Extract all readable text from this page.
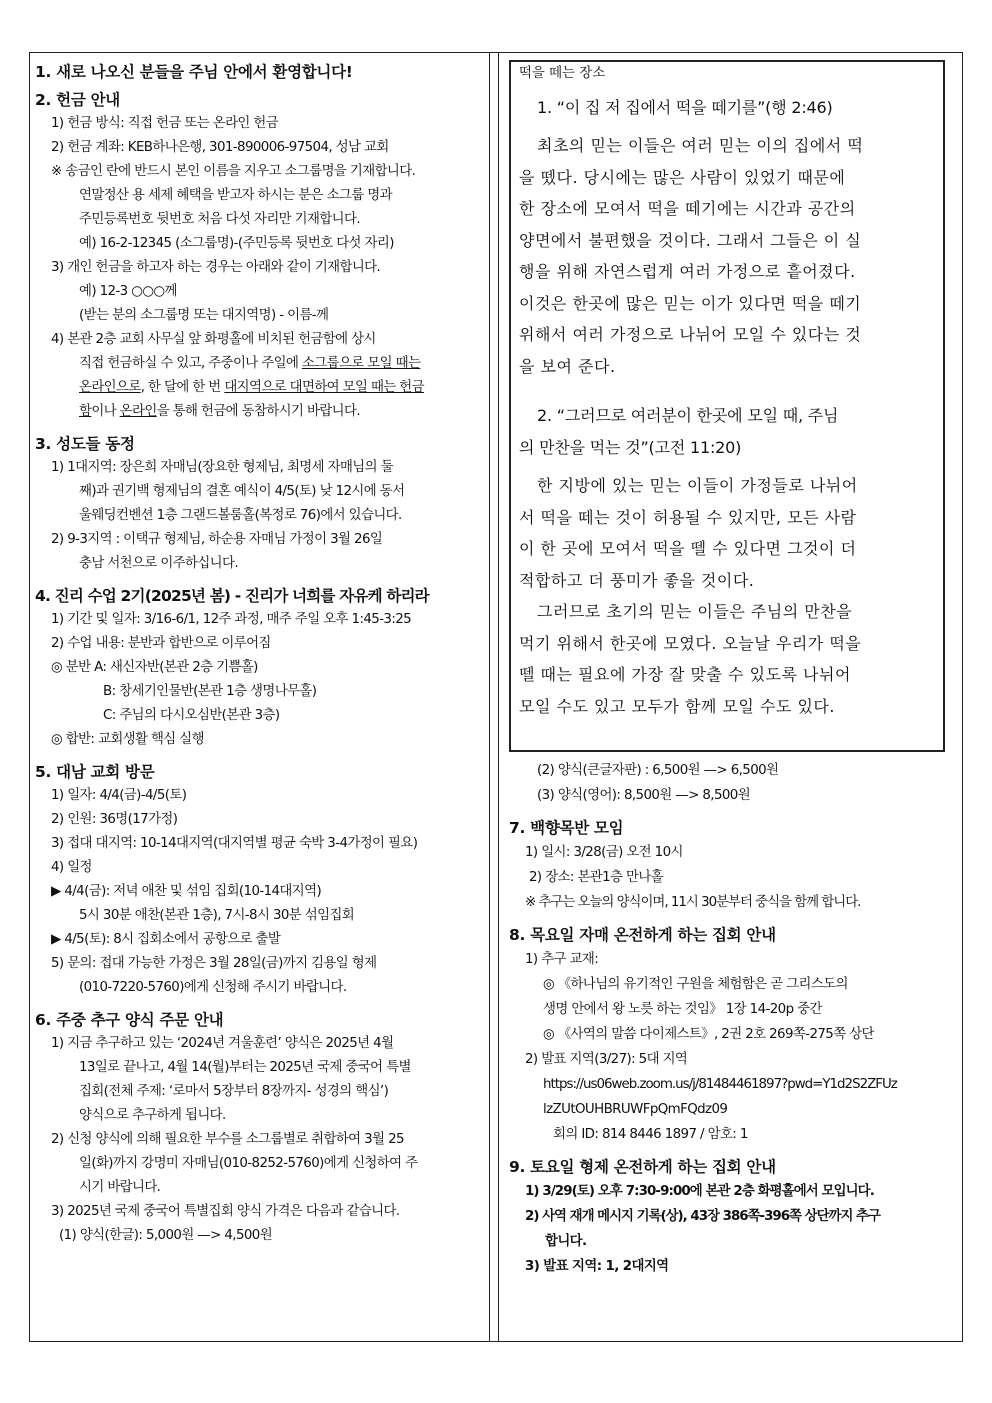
1. 새로 나오신 분들을 주님 안에서 환영합니다!

2. 헌금 안내

1) 헌금 방식: 직접 헌금 또는 온라인 헌금

2) 헌금 계좌: KEB하나은행, 301-890006-97504, 성남 교회

※ 송금인 란에 반드시 본인 이름을 지우고 소그룹명을 기재합니다.

연말정산 용 세제 혜택을 받고자 하시는 분은 소그룹 명과

주민등록번호 뒷번호 처음 다섯 자리만 기재합니다.

예) 16-2-12345 (소그룹명)-(주민등록 뒷번호 다섯 자리)

3) 개인 헌금을 하고자 하는 경우는 아래와 같이 기재합니다.

예) 12-3 ○○○께

(받는 분의 소그룹명 또는 대지역명) - 이름-께

4) 본관 2층 교회 사무실 앞 화평홀에 비치된 헌금함에 상시

직접 헌금하실 수 있고, 주중이나 주일에 소그룹으로 모일 때는

온라인으로, 한 달에 한 번 대지역으로 대면하여 모일 때는 헌금

함이나 온라인을 통해 헌금에 동참하시기 바랍니다.

3. 성도들 동정

1) 1대지역: 장은희 자매님(장요한 형제님, 최명세 자매님의 둘

째)과 권기백 형제님의 결혼 예식이 4/5(토) 낮 12시에 동서

울웨딩컨벤션 1층 그랜드볼룸홀(복정로 76)에서 있습니다.

2) 9-3지역 : 이택규 형제님, 하순용 자매님 가정이 3월 26일

충남 서천으로 이주하십니다.

4. 진리 수업 2기(2025년 봄) - 진리가 너희를 자유케 하리라

1) 기간 및 일자: 3/16-6/1, 12주 과정, 매주 주일 오후 1:45-3:25

2) 수업 내용: 분반과 합반으로 이루어짐

◎ 분반 A: 새신자반(본관 2층 기쁨홀)

B: 창세기인물반(본관 1층 생명나무홀)

C: 주님의 다시오심반(본관 3층)

◎ 합반: 교회생활 핵심 실행

5. 대남 교회 방문

1) 일자: 4/4(금)-4/5(토)

2) 인원: 36명(17가정)

3) 접대 대지역: 10-14대지역(대지역별 평균 숙박 3-4가정이 필요)

4) 일정

▶ 4/4(금): 저녁 애찬 및 섞임 집회(10-14대지역)

5시 30분 애찬(본관 1층), 7시-8시 30분 섞임집회

▶ 4/5(토): 8시 집회소에서 공항으로 출발

5) 문의: 접대 가능한 가정은 3월 28일(금)까지 김용일 형제

(010-7220-5760)에게 신청해 주시기 바랍니다.

6. 주중 추구 양식 주문 안내

1) 지금 추구하고 있는 ‘2024년 겨울훈련’ 양식은 2025년 4월

13일로 끝나고, 4월 14(월)부터는 2025년 국제 중국어 특별

집회(전체 주제: ‘로마서 5장부터 8장까지- 성경의 핵심’)

양식으로 추구하게 됩니다.

2) 신청 양식에 의해 필요한 부수를 소그룹별로 취합하여 3월 25

일(화)까지 강명미 자매님(010-8252-5760)에게 신청하여 주

시기 바랍니다.

3) 2025년 국제 중국어 특별집회 양식 가격은 다음과 같습니다.

(1) 양식(한글): 5,000원 —> 4,500원

떡을 떼는 장소

1. “이 집 저 집에서 떡을 떼기를”(행 2:46)

최초의 믿는 이들은 여러 믿는 이의 집에서 떡

을 뗐다. 당시에는 많은 사람이 있었기 때문에

한 장소에 모여서 떡을 떼기에는 시간과 공간의

양면에서 불편했을 것이다. 그래서 그들은 이 실

행을 위해 자연스럽게 여러 가정으로 흩어졌다.

이것은 한곳에 많은 믿는 이가 있다면 떡을 떼기

위해서 여러 가정으로 나뉘어 모일 수 있다는 것

을 보여 준다.

2. “그러므로 여러분이 한곳에 모일 때, 주님

의 만찬을 먹는 것”(고전 11:20)

한 지방에 있는 믿는 이들이 가정들로 나뉘어

서 떡을 떼는 것이 허용될 수 있지만, 모든 사람

이 한 곳에 모여서 떡을 뗄 수 있다면 그것이 더

적합하고 더 풍미가 좋을 것이다.

그러므로 초기의 믿는 이들은 주님의 만찬을

먹기 위해서 한곳에 모였다. 오늘날 우리가 떡을

뗄 때는 필요에 가장 잘 맞출 수 있도록 나뉘어

모일 수도 있고 모두가 함께 모일 수도 있다.

(2) 양식(큰글자판) : 6,500원 —> 6,500원

(3) 양식(영어): 8,500원 —> 8,500원

7. 백향목반 모임

1) 일시: 3/28(금) 오전 10시

2) 장소: 본관1층 만나홀

※ 추구는 오늘의 양식이며, 11시 30분부터 중식을 함께 합니다.

8. 목요일 자매 온전하게 하는 집회 안내

1) 추구 교재:

◎ 《하나님의 유기적인 구원을 체험함은 곧 그리스도의

생명 안에서 왕 노릇 하는 것임》 1장 14-20p 중간

◎ 《사역의 말씀 다이제스트》, 2권 2호 269쪽-275쪽 상단

2) 발표 지역(3/27): 5대 지역

https://us06web.zoom.us/j/81484461897?pwd=Y1d2S2ZFUz

lzZUtOUHBRUWFpQmFQdz09

회의 ID: 814 8446 1897 / 암호: 1

9. 토요일 형제 온전하게 하는 집회 안내

1) 3/29(토) 오후 7:30-9:00에 본관 2층 화평홀에서 모입니다.

2) 사역 재개 메시지 기록(상), 43장 386쪽-396쪽 상단까지 추구

합니다.

3) 발표 지역: 1, 2대지역
